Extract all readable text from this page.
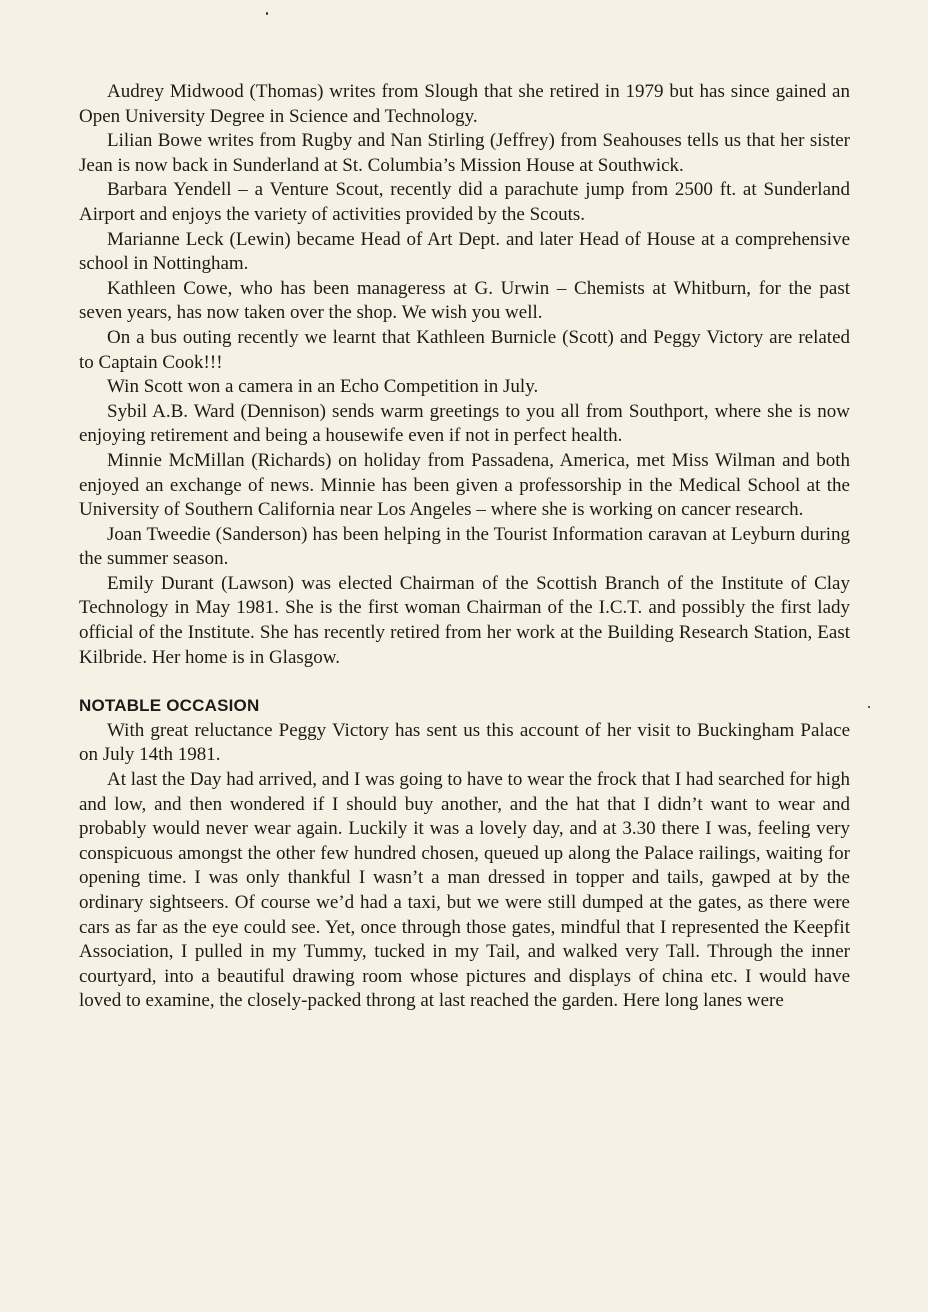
Audrey Midwood (Thomas) writes from Slough that she retired in 1979 but has since gained an Open University Degree in Science and Technology.

Lilian Bowe writes from Rugby and Nan Stirling (Jeffrey) from Seahouses tells us that her sister Jean is now back in Sunderland at St. Columbia’s Mission House at Southwick.

Barbara Yendell – a Venture Scout, recently did a parachute jump from 2500 ft. at Sunderland Airport and enjoys the variety of activities provided by the Scouts.

Marianne Leck (Lewin) became Head of Art Dept. and later Head of House at a comprehensive school in Nottingham.

Kathleen Cowe, who has been manageress at G. Urwin – Chemists at Whitburn, for the past seven years, has now taken over the shop. We wish you well.

On a bus outing recently we learnt that Kathleen Burnicle (Scott) and Peggy Victory are related to Captain Cook!!!

Win Scott won a camera in an Echo Competition in July.

Sybil A.B. Ward (Dennison) sends warm greetings to you all from Southport, where she is now enjoying retirement and being a housewife even if not in perfect health.

Minnie McMillan (Richards) on holiday from Passadena, America, met Miss Wilman and both enjoyed an exchange of news. Minnie has been given a professorship in the Medical School at the University of Southern California near Los Angeles – where she is working on cancer research.

Joan Tweedie (Sanderson) has been helping in the Tourist Information caravan at Leyburn during the summer season.

Emily Durant (Lawson) was elected Chairman of the Scottish Branch of the Institute of Clay Technology in May 1981. She is the first woman Chairman of the I.C.T. and possibly the first lady official of the Institute. She has recently retired from her work at the Building Research Station, East Kilbride. Her home is in Glasgow.

NOTABLE OCCASION

With great reluctance Peggy Victory has sent us this account of her visit to Buckingham Palace on July 14th 1981.

At last the Day had arrived, and I was going to have to wear the frock that I had searched for high and low, and then wondered if I should buy another, and the hat that I didn’t want to wear and probably would never wear again. Luckily it was a lovely day, and at 3.30 there I was, feeling very conspicuous amongst the other few hundred chosen, queued up along the Palace railings, waiting for opening time. I was only thankful I wasn’t a man dressed in topper and tails, gawped at by the ordinary sightseers. Of course we’d had a taxi, but we were still dumped at the gates, as there were cars as far as the eye could see. Yet, once through those gates, mindful that I represented the Keepfit Association, I pulled in my Tummy, tucked in my Tail, and walked very Tall. Through the inner courtyard, into a beautiful drawing room whose pictures and displays of china etc. I would have loved to examine, the closely-packed throng at last reached the garden. Here long lanes were
